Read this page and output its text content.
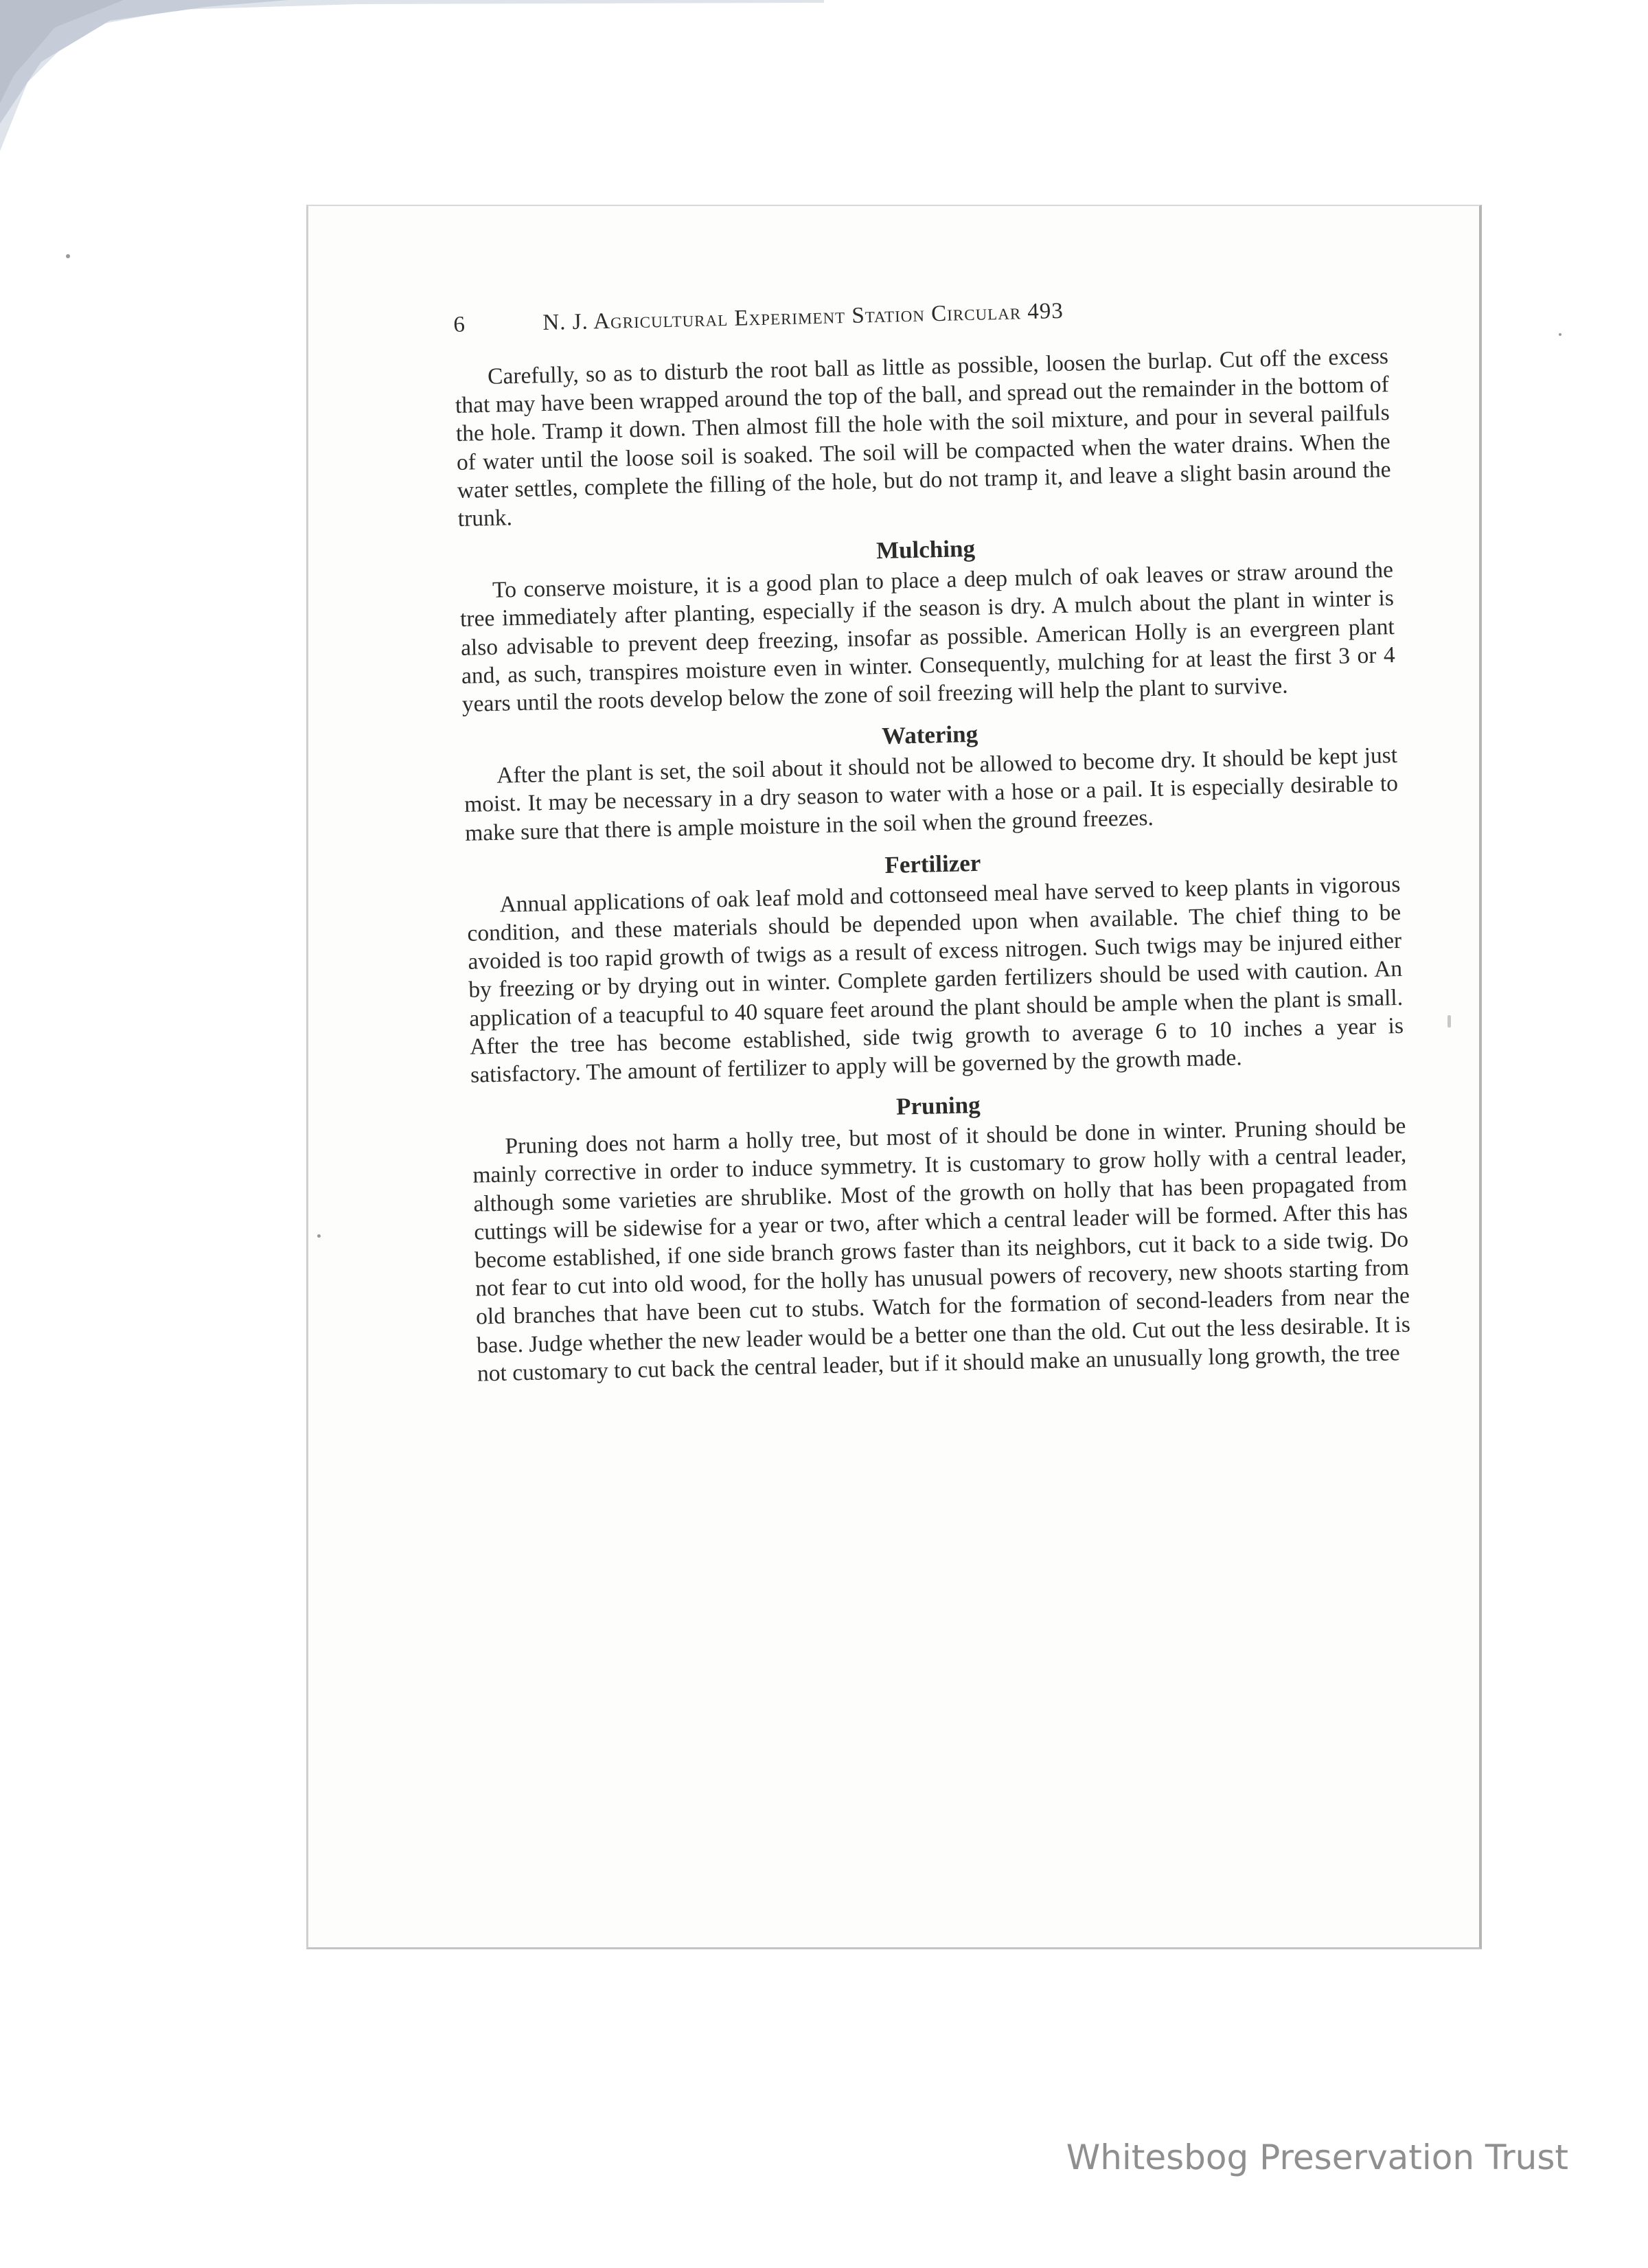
6	N. J. Agricultural Experiment Station Circular 493

Carefully, so as to disturb the root ball as little as possible, loosen the burlap. Cut off the excess that may have been wrapped around the top of the ball, and spread out the remainder in the bottom of the hole. Tramp it down. Then almost fill the hole with the soil mixture, and pour in several pailfuls of water until the loose soil is soaked. The soil will be compacted when the water drains. When the water settles, complete the filling of the hole, but do not tramp it, and leave a slight basin around the trunk.

Mulching

To conserve moisture, it is a good plan to place a deep mulch of oak leaves or straw around the tree immediately after planting, especially if the season is dry. A mulch about the plant in winter is also advisable to prevent deep freezing, insofar as possible. American Holly is an evergreen plant and, as such, transpires moisture even in winter. Consequently, mulching for at least the first 3 or 4 years until the roots develop below the zone of soil freezing will help the plant to survive.

Watering

After the plant is set, the soil about it should not be allowed to become dry. It should be kept just moist. It may be necessary in a dry season to water with a hose or a pail. It is especially desirable to make sure that there is ample moisture in the soil when the ground freezes.

Fertilizer

Annual applications of oak leaf mold and cottonseed meal have served to keep plants in vigorous condition, and these materials should be depended upon when available. The chief thing to be avoided is too rapid growth of twigs as a result of excess nitrogen. Such twigs may be injured either by freezing or by drying out in winter. Complete garden fertilizers should be used with caution. An application of a teacupful to 40 square feet around the plant should be ample when the plant is small. After the tree has become established, side twig growth to average 6 to 10 inches a year is satisfactory. The amount of fertilizer to apply will be governed by the growth made.

Pruning

Pruning does not harm a holly tree, but most of it should be done in winter. Pruning should be mainly corrective in order to induce symmetry. It is customary to grow holly with a central leader, although some varieties are shrublike. Most of the growth on holly that has been propagated from cuttings will be sidewise for a year or two, after which a central leader will be formed. After this has become established, if one side branch grows faster than its neighbors, cut it back to a side twig. Do not fear to cut into old wood, for the holly has unusual powers of recovery, new shoots starting from old branches that have been cut to stubs. Watch for the formation of second-leaders from near the base. Judge whether the new leader would be a better one than the old. Cut out the less desirable. It is not customary to cut back the central leader, but if it should make an unusually long growth, the tree

Whitesbog Preservation Trust
